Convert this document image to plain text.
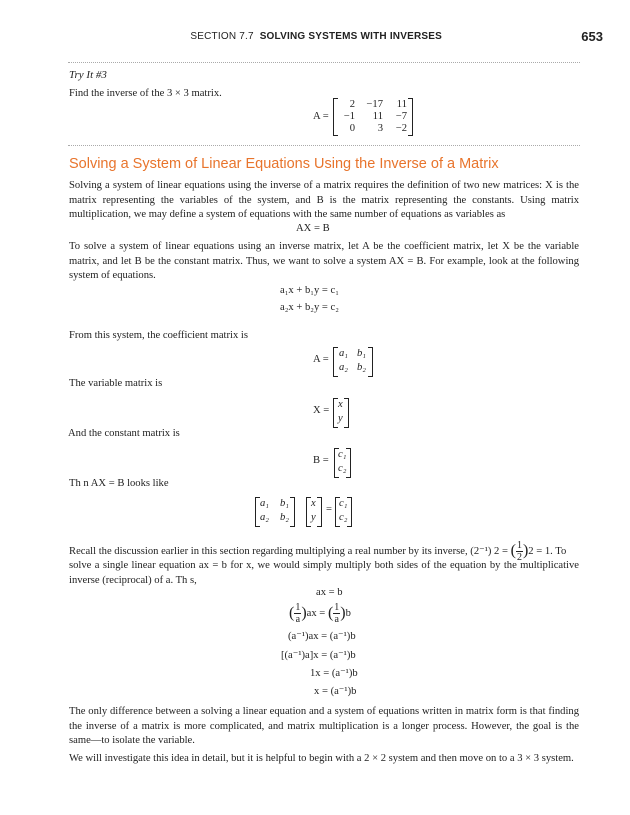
SECTION 7.7 SOLVING SYSTEMS WITH INVERSES	653
Try It #3
Find the inverse of the 3 × 3 matrix.
A =
2 −17 11
−1 11 −7
0 3 −2
Solving a System of Linear Equations Using the Inverse of a Matrix
Solving a system of linear equations using the inverse of a matrix requires the definition of two new matrices: X is the matrix representing the variables of the system, and B is the matrix representing the constants. Using matrix multiplication, we may define a system of equations with the same number of equations as variables as
AX = B
To solve a system of linear equations using an inverse matrix, let A be the coefficient matrix, let X be the variable matrix, and let B be the constant matrix. Thus, we want to solve a system AX = B. For example, look at the following system of equations.
a₁x + b₁y = c₁
a₂x + b₂y = c₂
From this system, the coefficient matrix is
A =
a₁ b₁
a₂ b₂
The variable matrix is
X =
x
y
And the constant matrix is
B =
c₁
c₂
Th n AX = B looks like
a₁ b₁
a₂ b₂
x
y
=
c₁
c₂
Recall the discussion earlier in this section regarding multiplying a real number by its inverse, (2⁻¹) 2 = ( $\frac{1}{2} )2 = 1$. To
solve a single linear equation ax = b for x, we would simply multiply both sides of the equation by the multiplicative inverse (reciprocal) of a. Th s,
ax = b
( $\frac{1}{a} )ax$ = ( $\frac{1}{a} )b$
(a⁻¹)ax = (a⁻¹)b
[(a⁻¹)a]x = (a⁻¹)b
1x = (a⁻¹)b
x = (a⁻¹)b
The only difference between a solving a linear equation and a system of equations written in matrix form is that finding the inverse of a matrix is more complicated, and matrix multiplication is a longer process. However, the goal is the same—to isolate the variable.
We will investigate this idea in detail, but it is helpful to begin with a 2 × 2 system and then move on to a 3 × 3 system.
